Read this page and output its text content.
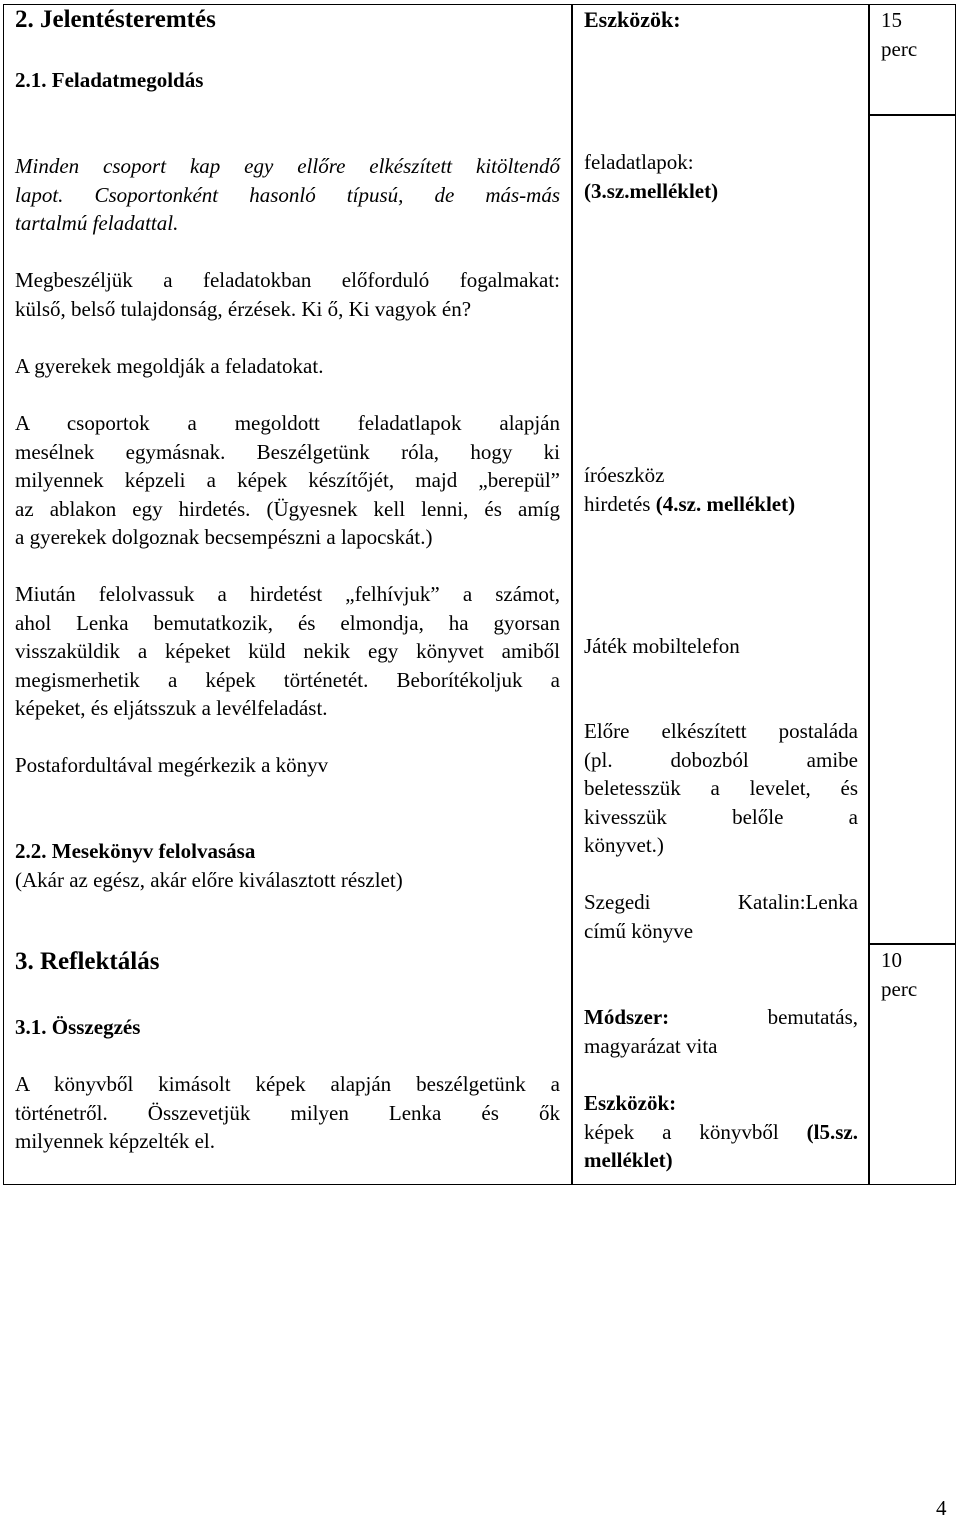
2. Jelentésteremtés
2.1. Feladatmegoldás
Eszközök:	15
perc
Minden csoport kap egy ellőre elkészített kitöltendő
lapot. Csoportonként hasonló típusú, de más-más
tartalmú feladattal.
Megbeszéljük a feladatokban előforduló fogalmakat:
külső, belső tulajdonság, érzések. Ki ő, Ki vagyok én?
A gyerekek megoldják a feladatokat.
A csoportok a megoldott feladatlapok alapján
mesélnek egymásnak. Beszélgetünk róla, hogy ki
milyennek képzeli a képek készítőjét, majd „berepül”
az ablakon egy hirdetés. (Ügyesnek kell lenni, és amíg
a gyerekek dolgoznak becsempészni a lapocskát.)
Miután felolvassuk a hirdetést „felhívjuk” a számot,
ahol Lenka bemutatkozik, és elmondja, ha gyorsan
visszaküldik a képeket küld nekik egy könyvet amiből
megismerhetik a képek történetét. Beborítékoljuk a
képeket, és eljátsszuk a levélfeladást.
Postafordultával megérkezik a könyv
2.2. Mesekönyv felolvasása
(Akár az egész, akár előre kiválasztott részlet)
3. Reflektálás
3.1. Összegzés
A könyvből kimásolt képek alapján beszélgetünk a
történetről. Összevetjük milyen Lenka és ők
milyennek képzelték el.
feladatlapok:
(3.sz.melléklet)
íróeszköz
hirdetés (4.sz. melléklet)
Játék mobiltelefon
Előre elkészített postaláda
(pl. dobozból amibe
beletesszük a levelet, és
kivesszük belőle a
könyvet.)
Szegedi Katalin:Lenka
című könyve
Módszer: bemutatás,
magyarázat vita
Eszközök:
képek a könyvből (l5.sz.
melléklet)
10
perc
4
